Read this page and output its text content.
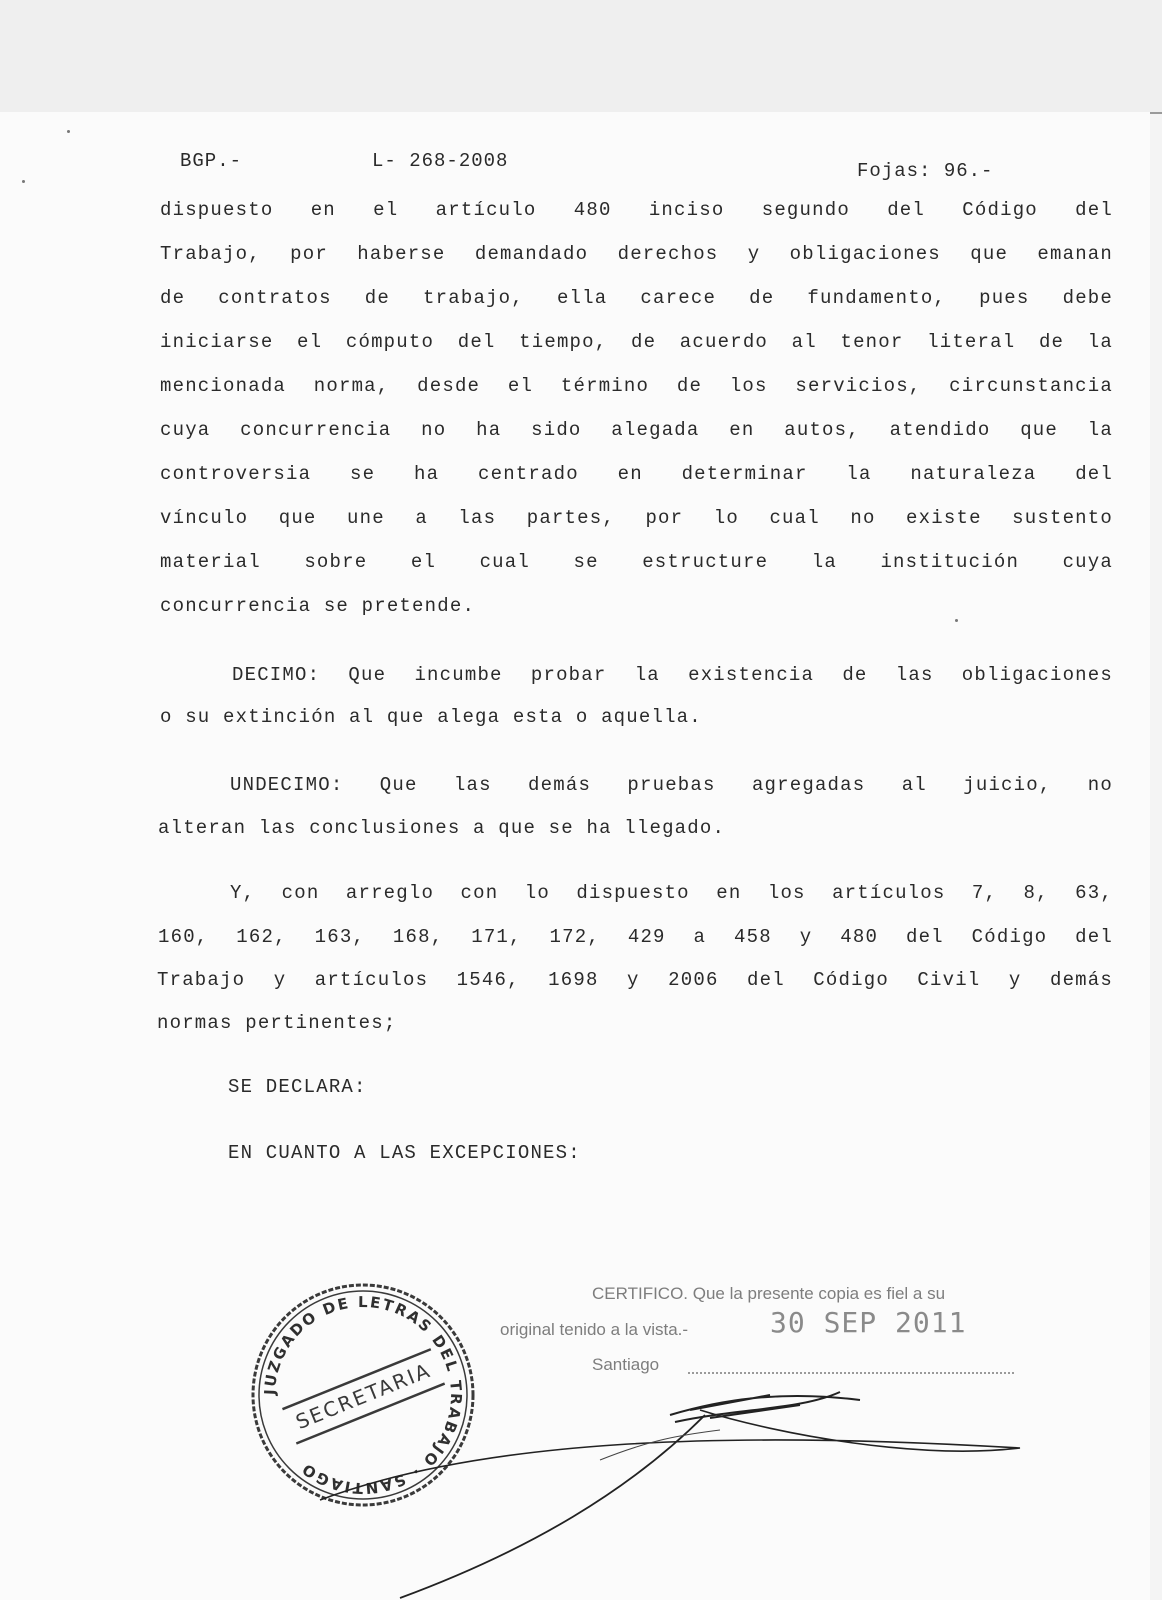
BGP.-	L- 268-2008	Fojas: 96.-
dispuesto en el artículo 480 inciso segundo del Código del
Trabajo, por haberse demandado derechos y obligaciones que emanan
de contratos de trabajo, ella carece de fundamento, pues debe
iniciarse el cómputo del tiempo, de acuerdo al tenor literal de la
mencionada norma, desde el término de los servicios, circunstancia
cuya concurrencia no ha sido alegada en autos, atendido que la
controversia se ha centrado en determinar la naturaleza del
vínculo que une a las partes, por lo cual no existe sustento
material sobre el cual se estructure la institución cuya
concurrencia se pretende.
DECIMO: Que incumbe probar la existencia de las obligaciones
o su extinción al que alega esta o aquella.
UNDECIMO: Que las demás pruebas agregadas al juicio, no
alteran las conclusiones a que se ha llegado.
Y, con arreglo con lo dispuesto en los artículos 7, 8, 63,
160, 162, 163, 168, 171, 172, 429 a 458 y 480 del Código del
Trabajo y artículos 1546, 1698 y 2006 del Código Civil y demás
normas pertinentes;
SE DECLARA:
EN CUANTO A LAS EXCEPCIONES:
CERTIFICO. Que la presente copia es fiel a su
original tenido a la vista.-	30 SEP 2011
Santiago
JUZGADO DE LETRAS DEL TRABAJO · SANTIAGO
SECRETARIA
